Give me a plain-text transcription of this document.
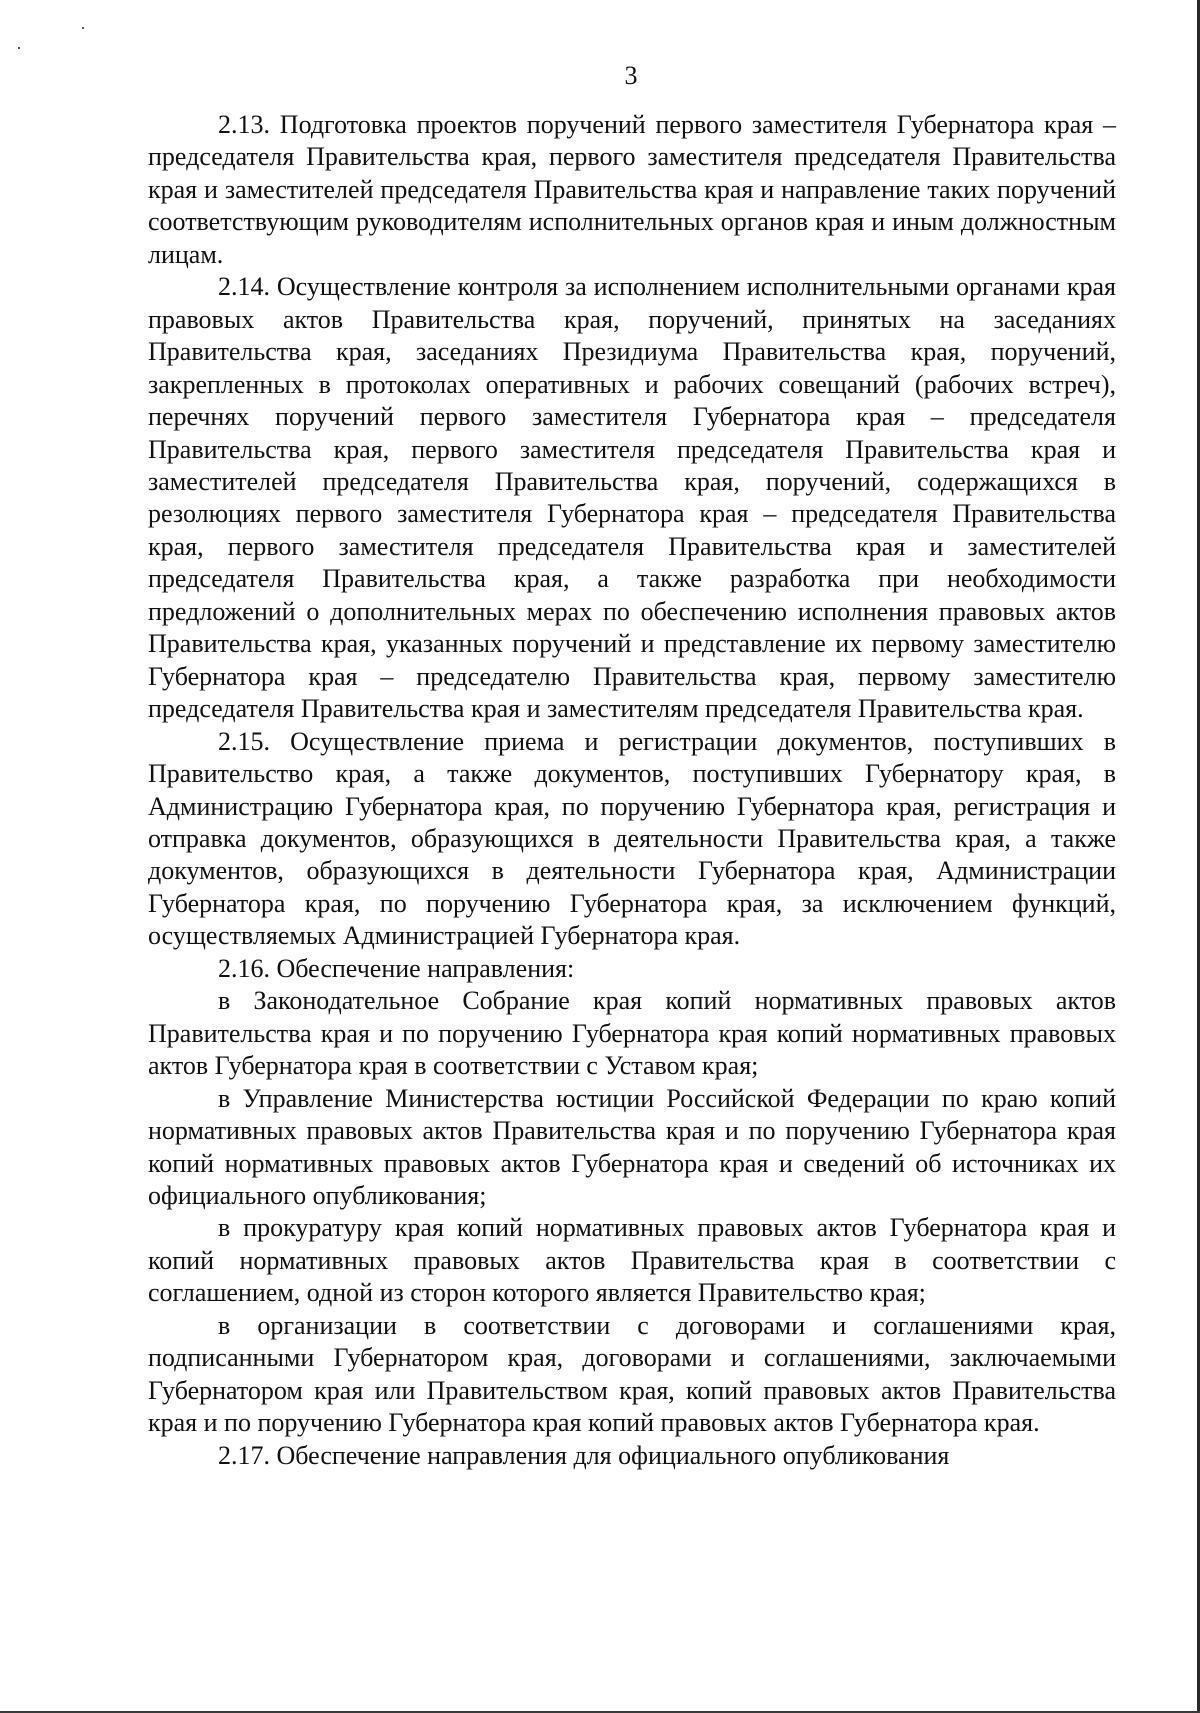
3

2.13. Подготовка проектов поручений первого заместителя Губернатора края – председателя Правительства края, первого заместителя председателя Правительства края и заместителей председателя Правительства края и направление таких поручений соответствующим руководителям исполнительных органов края и иным должностным лицам.

2.14. Осуществление контроля за исполнением исполнительными органами края правовых актов Правительства края, поручений, принятых на заседаниях Правительства края, заседаниях Президиума Правительства края, поручений, закрепленных в протоколах оперативных и рабочих совещаний (рабочих встреч), перечнях поручений первого заместителя Губернатора края – председателя Правительства края, первого заместителя председателя Правительства края и заместителей председателя Правительства края, поручений, содержащихся в резолюциях первого заместителя Губернатора края – председателя Правительства края, первого заместителя председателя Правительства края и заместителей председателя Правительства края, а также разработка при необходимости предложений о дополнительных мерах по обеспечению исполнения правовых актов Правительства края, указанных поручений и представление их первому заместителю Губернатора края – председателю Правительства края, первому заместителю председателя Правительства края и заместителям председателя Правительства края.

2.15. Осуществление приема и регистрации документов, поступивших в Правительство края, а также документов, поступивших Губернатору края, в Администрацию Губернатора края, по поручению Губернатора края, регистрация и отправка документов, образующихся в деятельности Правительства края, а также документов, образующихся в деятельности Губернатора края, Администрации Губернатора края, по поручению Губернатора края, за исключением функций, осуществляемых Администрацией Губернатора края.

2.16. Обеспечение направления:

в Законодательное Собрание края копий нормативных правовых актов Правительства края и по поручению Губернатора края копий нормативных правовых актов Губернатора края в соответствии с Уставом края;

в Управление Министерства юстиции Российской Федерации по краю копий нормативных правовых актов Правительства края и по поручению Губернатора края копий нормативных правовых актов Губернатора края и сведений об источниках их официального опубликования;

в прокуратуру края копий нормативных правовых актов Губернатора края и копий нормативных правовых актов Правительства края в соответствии с соглашением, одной из сторон которого является Правительство края;

в организации в соответствии с договорами и соглашениями края, подписанными Губернатором края, договорами и соглашениями, заключаемыми Губернатором края или Правительством края, копий правовых актов Правительства края и по поручению Губернатора края копий правовых актов Губернатора края.

2.17. Обеспечение направления для официального опубликования
